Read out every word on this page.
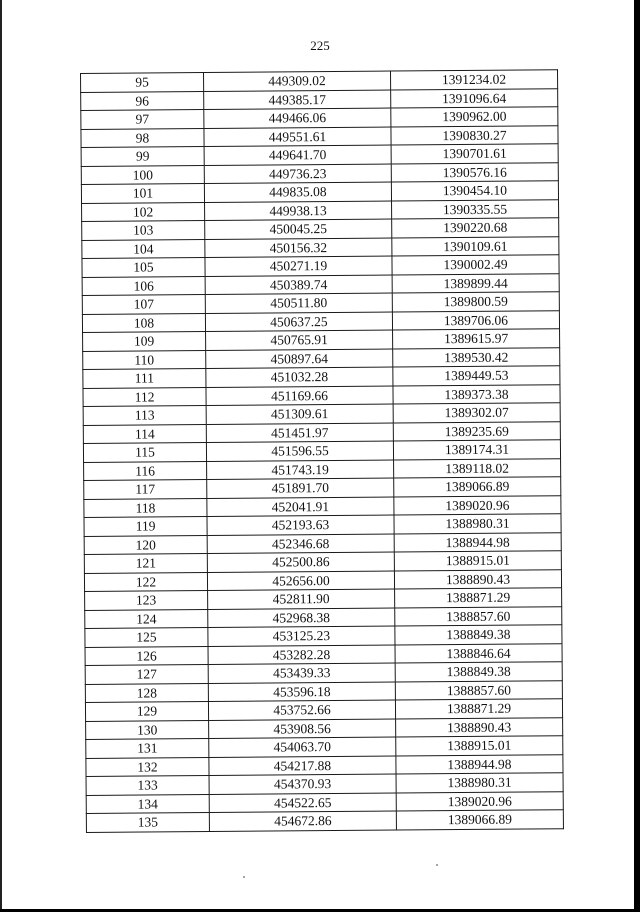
225
95	449309.02	1391234.02
96	449385.17	1391096.64
97	449466.06	1390962.00
98	449551.61	1390830.27
99	449641.70	1390701.61
100	449736.23	1390576.16
101	449835.08	1390454.10
102	449938.13	1390335.55
103	450045.25	1390220.68
104	450156.32	1390109.61
105	450271.19	1390002.49
106	450389.74	1389899.44
107	450511.80	1389800.59
108	450637.25	1389706.06
109	450765.91	1389615.97
110	450897.64	1389530.42
111	451032.28	1389449.53
112	451169.66	1389373.38
113	451309.61	1389302.07
114	451451.97	1389235.69
115	451596.55	1389174.31
116	451743.19	1389118.02
117	451891.70	1389066.89
118	452041.91	1389020.96
119	452193.63	1388980.31
120	452346.68	1388944.98
121	452500.86	1388915.01
122	452656.00	1388890.43
123	452811.90	1388871.29
124	452968.38	1388857.60
125	453125.23	1388849.38
126	453282.28	1388846.64
127	453439.33	1388849.38
128	453596.18	1388857.60
129	453752.66	1388871.29
130	453908.56	1388890.43
131	454063.70	1388915.01
132	454217.88	1388944.98
133	454370.93	1388980.31
134	454522.65	1389020.96
135	454672.86	1389066.89
